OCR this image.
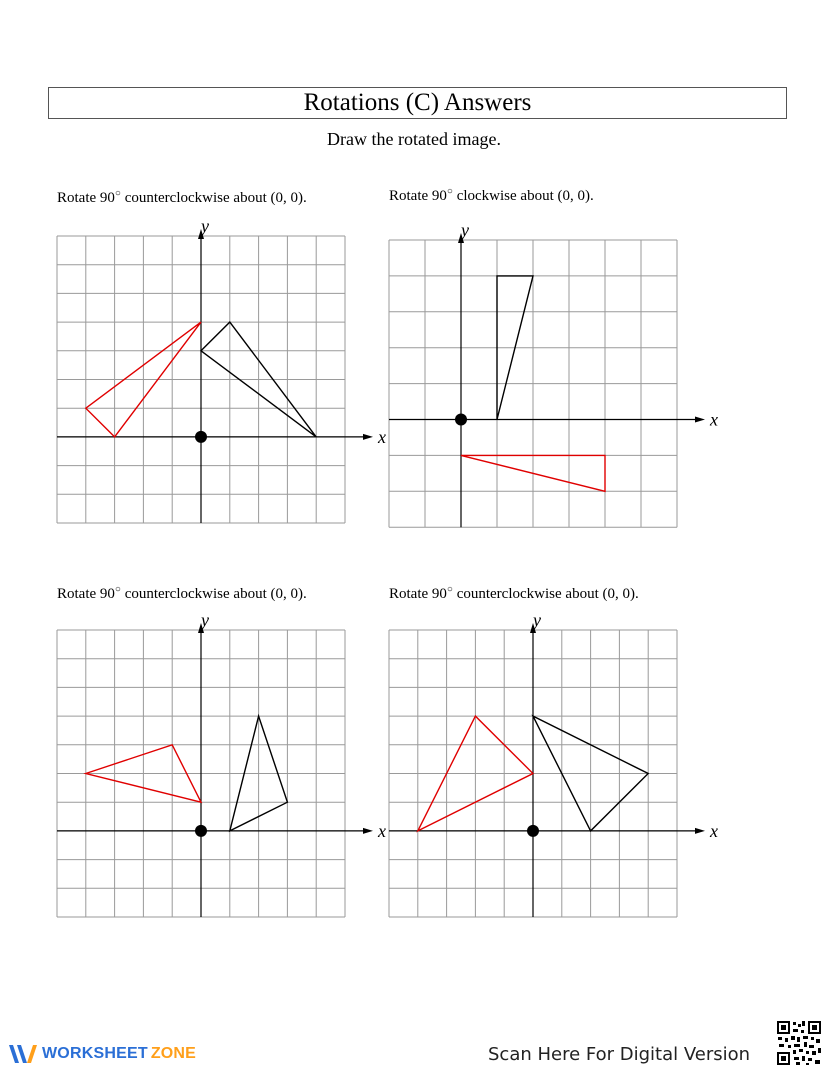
Rotations (C) Answers
Draw the rotated image.
Rotate 90○ counterclockwise about (0, 0).
x
y
Rotate 90○ clockwise about (0, 0).
x
y
Rotate 90○ counterclockwise about (0, 0).
x
y
Rotate 90○ counterclockwise about (0, 0).
x
y
WORKSHEET ZONE	Scan Here For Digital Version
